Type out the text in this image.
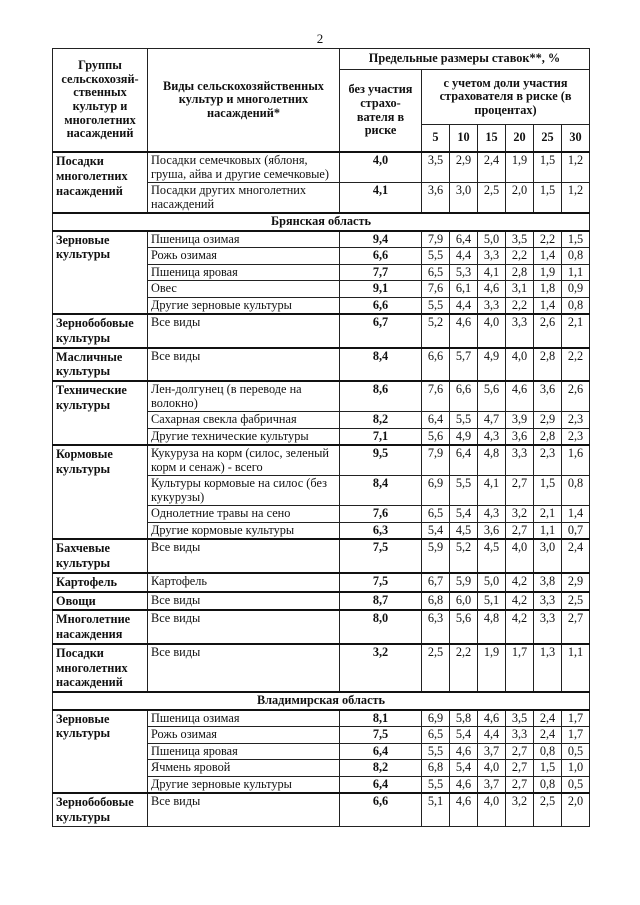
2
Группы сельскохозяй-ственных культур и многолетних насаждений	Виды сельскохозяйственных культур и многолетних насаждений*	Предельные размеры ставок**, %						
		без участия страхо-вателя в риске	с учетом доли участия страхователя в риске (в процентах)					
			5	10	15	20	25	30
Посадки многолетних насаждений	Посадки семечковых (яблоня, груша, айва и другие семечковые)	4,0	3,5	2,9	2,4	1,9	1,5	1,2
	Посадки других многолетних насаждений	4,1	3,6	3,0	2,5	2,0	1,5	1,2
Брянская область								
Зерновые культуры	Пшеница озимая	9,4	7,9	6,4	5,0	3,5	2,2	1,5
	Рожь озимая	6,6	5,5	4,4	3,3	2,2	1,4	0,8
	Пшеница яровая	7,7	6,5	5,3	4,1	2,8	1,9	1,1
	Овес	9,1	7,6	6,1	4,6	3,1	1,8	0,9
	Другие зерновые культуры	6,6	5,5	4,4	3,3	2,2	1,4	0,8
Зернобобовые культуры	Все виды	6,7	5,2	4,6	4,0	3,3	2,6	2,1
Масличные культуры	Все виды	8,4	6,6	5,7	4,9	4,0	2,8	2,2
Технические культуры	Лен-долгунец (в переводе на волокно)	8,6	7,6	6,6	5,6	4,6	3,6	2,6
	Сахарная свекла фабричная	8,2	6,4	5,5	4,7	3,9	2,9	2,3
	Другие технические культуры	7,1	5,6	4,9	4,3	3,6	2,8	2,3
Кормовые культуры	Кукуруза на корм (силос, зеленый корм и сенаж) - всего	9,5	7,9	6,4	4,8	3,3	2,3	1,6
	Культуры кормовые на силос (без кукурузы)	8,4	6,9	5,5	4,1	2,7	1,5	0,8
	Однолетние травы на сено	7,6	6,5	5,4	4,3	3,2	2,1	1,4
	Другие кормовые культуры	6,3	5,4	4,5	3,6	2,7	1,1	0,7
Бахчевые культуры	Все виды	7,5	5,9	5,2	4,5	4,0	3,0	2,4
Картофель	Картофель	7,5	6,7	5,9	5,0	4,2	3,8	2,9
Овощи	Все виды	8,7	6,8	6,0	5,1	4,2	3,3	2,5
Многолетние насаждения	Все виды	8,0	6,3	5,6	4,8	4,2	3,3	2,7
Посадки многолетних насаждений	Все виды	3,2	2,5	2,2	1,9	1,7	1,3	1,1
Владимирская область								
Зерновые культуры	Пшеница озимая	8,1	6,9	5,8	4,6	3,5	2,4	1,7
	Рожь озимая	7,5	6,5	5,4	4,4	3,3	2,4	1,7
	Пшеница яровая	6,4	5,5	4,6	3,7	2,7	0,8	0,5
	Ячмень яровой	8,2	6,8	5,4	4,0	2,7	1,5	1,0
	Другие зерновые культуры	6,4	5,5	4,6	3,7	2,7	0,8	0,5
Зернобобовые культуры	Все виды	6,6	5,1	4,6	4,0	3,2	2,5	2,0
